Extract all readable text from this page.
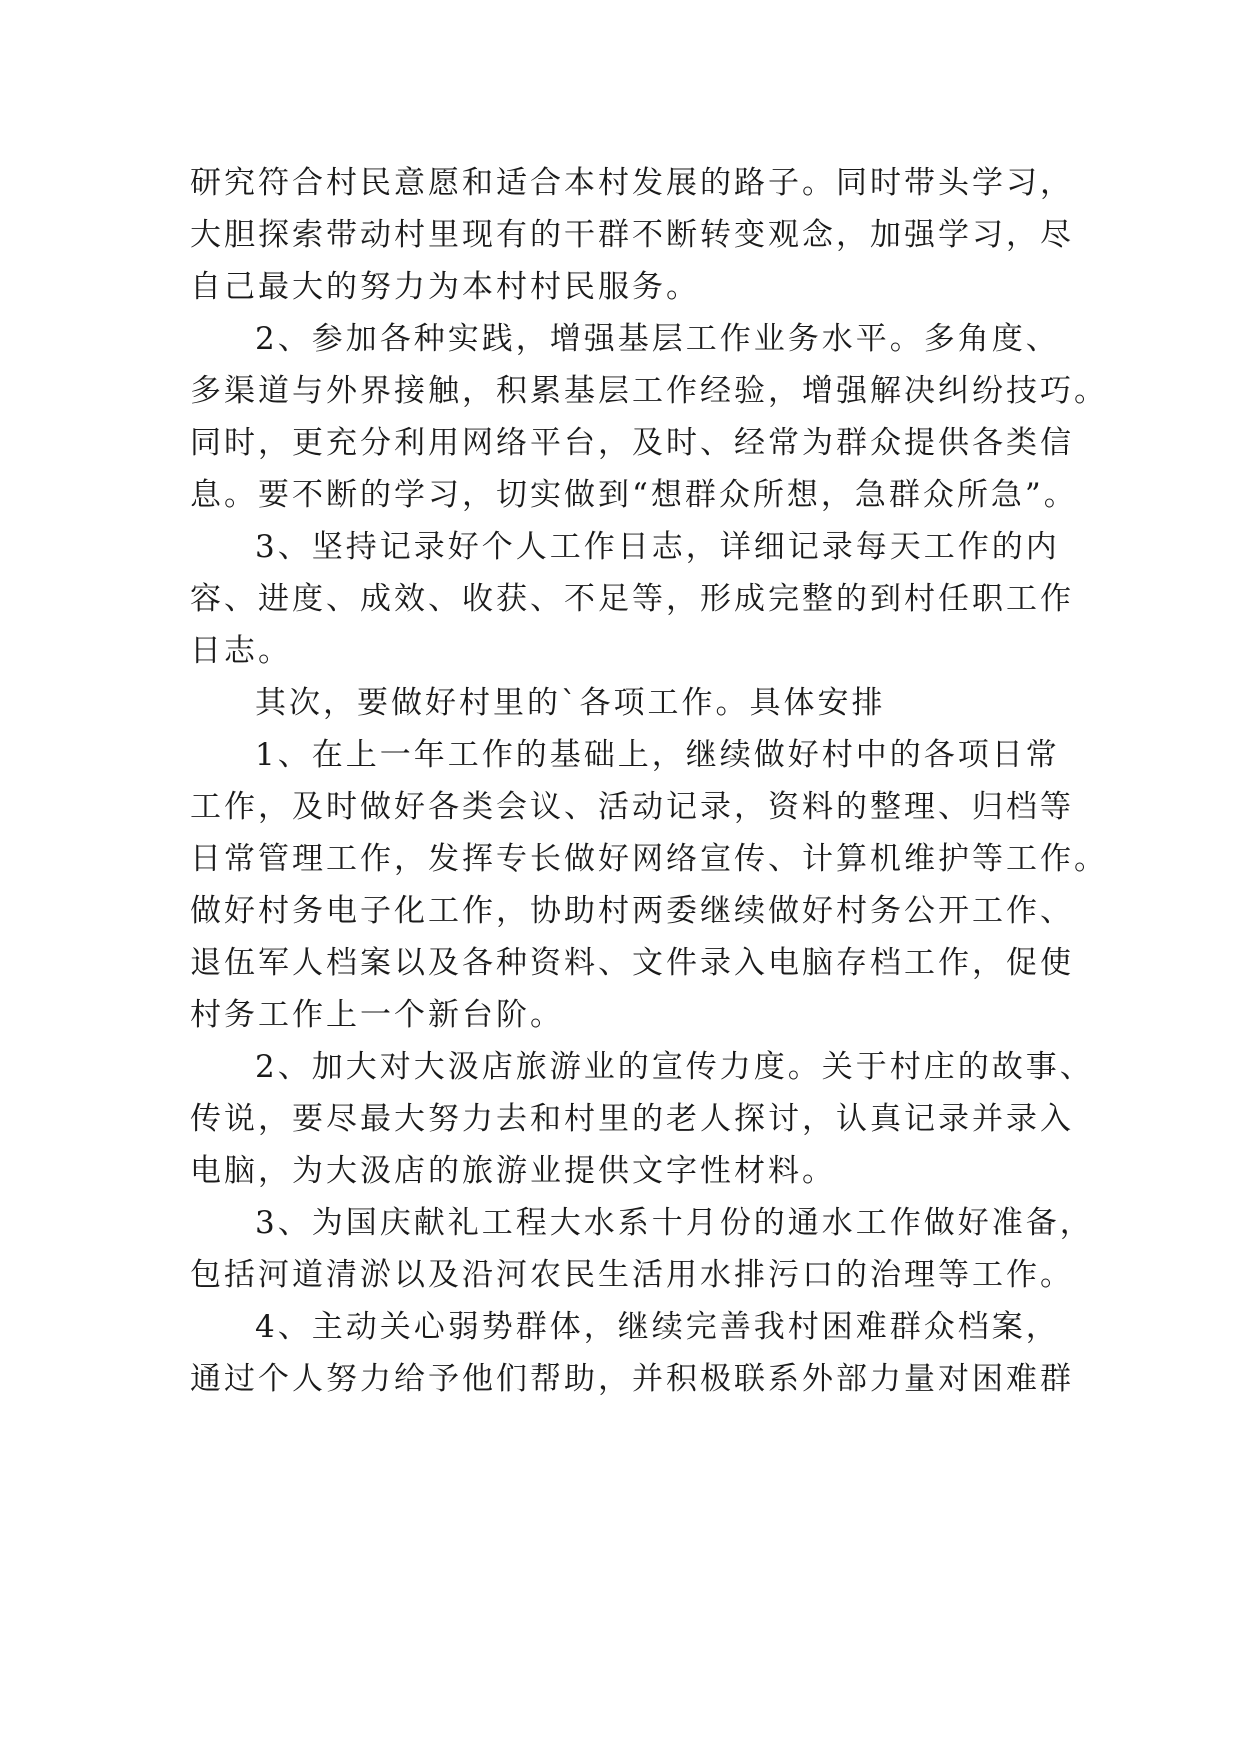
研究符合村民意愿和适合本村发展的路子。同时带头学习，
大胆探索带动村里现有的干群不断转变观念，加强学习，尽
自己最大的努力为本村村民服务。
2、参加各种实践，增强基层工作业务水平。多角度、
多渠道与外界接触，积累基层工作经验，增强解决纠纷技巧。
同时，更充分利用网络平台，及时、经常为群众提供各类信
息。要不断的学习，切实做到“想群众所想，急群众所急”。
3、坚持记录好个人工作日志，详细记录每天工作的内
容、进度、成效、收获、不足等，形成完整的到村任职工作
日志。
其次，要做好村里的`各项工作。具体安排
1、在上一年工作的基础上，继续做好村中的各项日常
工作，及时做好各类会议、活动记录，资料的整理、归档等
日常管理工作，发挥专长做好网络宣传、计算机维护等工作。
做好村务电子化工作，协助村两委继续做好村务公开工作、
退伍军人档案以及各种资料、文件录入电脑存档工作，促使
村务工作上一个新台阶。
2、加大对大汲店旅游业的宣传力度。关于村庄的故事、
传说，要尽最大努力去和村里的老人探讨，认真记录并录入
电脑，为大汲店的旅游业提供文字性材料。
3、为国庆献礼工程大水系十月份的通水工作做好准备，
包括河道清淤以及沿河农民生活用水排污口的治理等工作。
4、主动关心弱势群体，继续完善我村困难群众档案，
通过个人努力给予他们帮助，并积极联系外部力量对困难群
